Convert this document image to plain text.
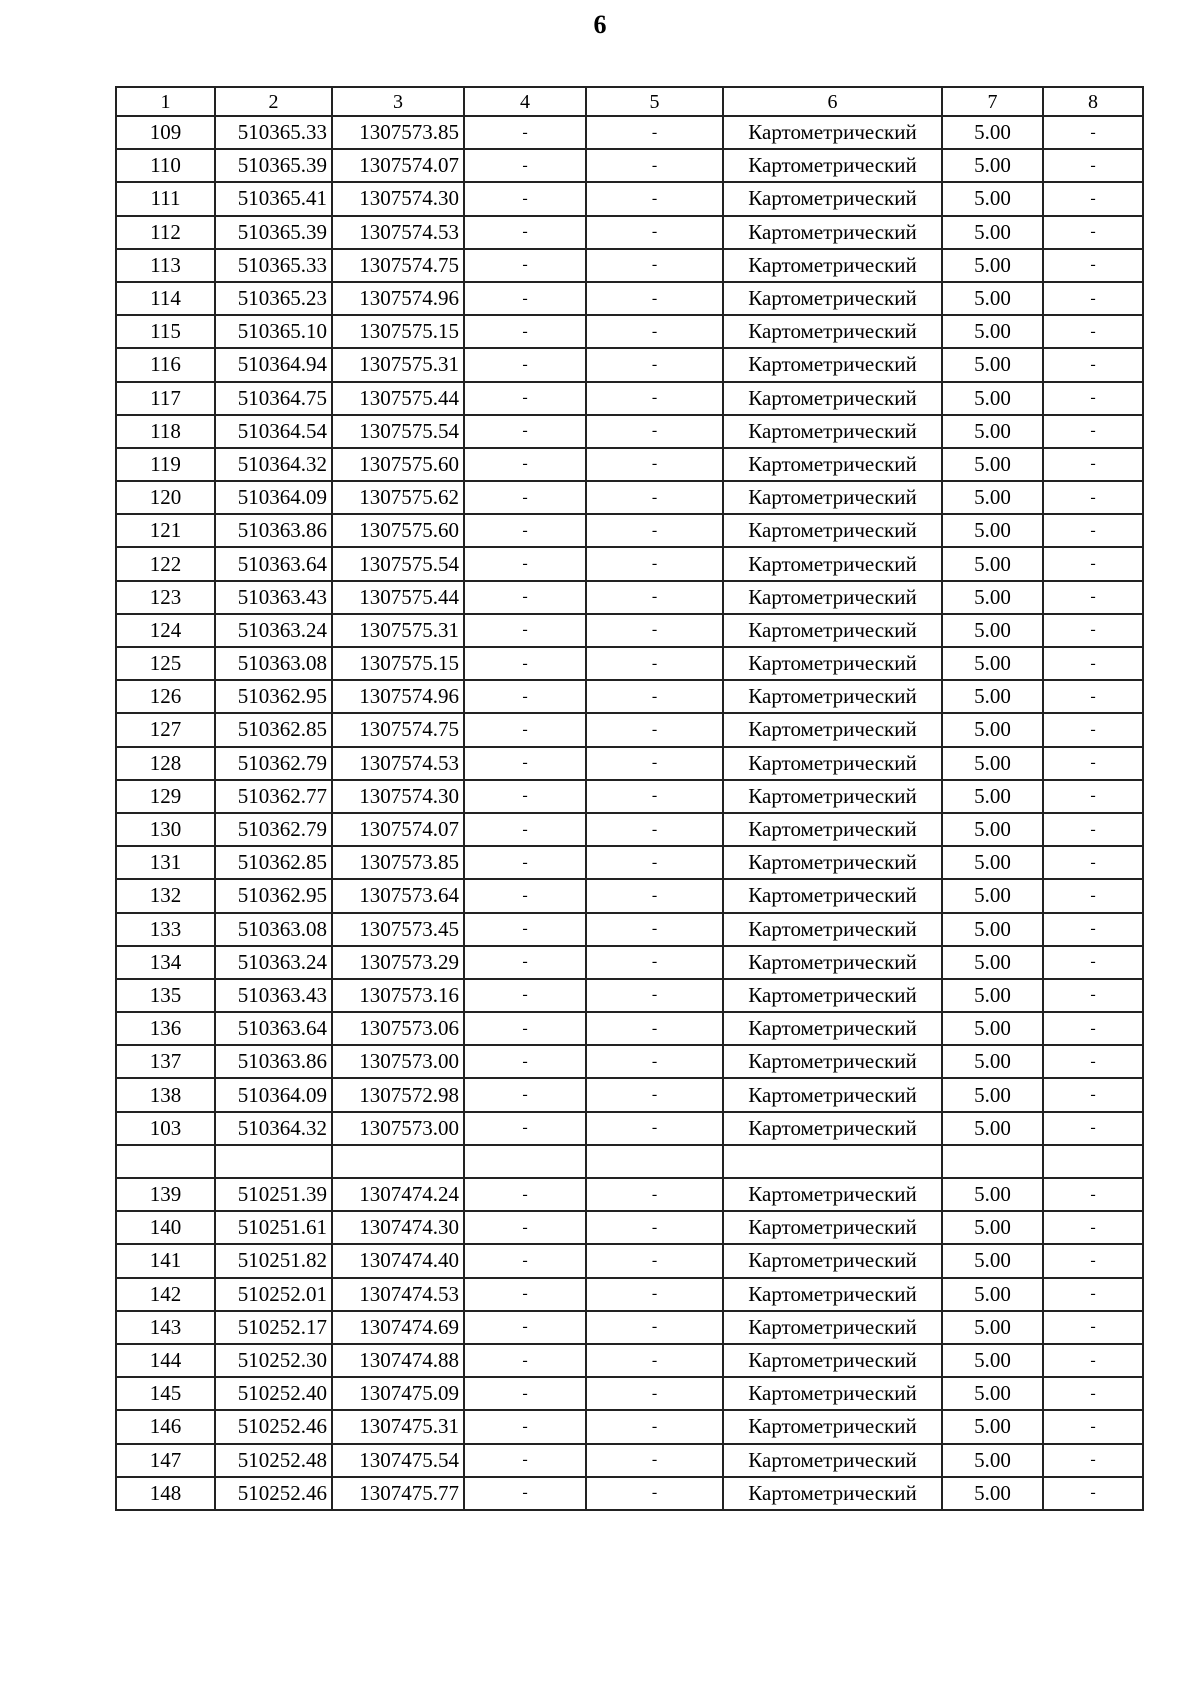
6
1	2	3	4	5	6	7	8
109	510365.33	1307573.85	-	-	Картометрический	5.00	-
110	510365.39	1307574.07	-	-	Картометрический	5.00	-
111	510365.41	1307574.30	-	-	Картометрический	5.00	-
112	510365.39	1307574.53	-	-	Картометрический	5.00	-
113	510365.33	1307574.75	-	-	Картометрический	5.00	-
114	510365.23	1307574.96	-	-	Картометрический	5.00	-
115	510365.10	1307575.15	-	-	Картометрический	5.00	-
116	510364.94	1307575.31	-	-	Картометрический	5.00	-
117	510364.75	1307575.44	-	-	Картометрический	5.00	-
118	510364.54	1307575.54	-	-	Картометрический	5.00	-
119	510364.32	1307575.60	-	-	Картометрический	5.00	-
120	510364.09	1307575.62	-	-	Картометрический	5.00	-
121	510363.86	1307575.60	-	-	Картометрический	5.00	-
122	510363.64	1307575.54	-	-	Картометрический	5.00	-
123	510363.43	1307575.44	-	-	Картометрический	5.00	-
124	510363.24	1307575.31	-	-	Картометрический	5.00	-
125	510363.08	1307575.15	-	-	Картометрический	5.00	-
126	510362.95	1307574.96	-	-	Картометрический	5.00	-
127	510362.85	1307574.75	-	-	Картометрический	5.00	-
128	510362.79	1307574.53	-	-	Картометрический	5.00	-
129	510362.77	1307574.30	-	-	Картометрический	5.00	-
130	510362.79	1307574.07	-	-	Картометрический	5.00	-
131	510362.85	1307573.85	-	-	Картометрический	5.00	-
132	510362.95	1307573.64	-	-	Картометрический	5.00	-
133	510363.08	1307573.45	-	-	Картометрический	5.00	-
134	510363.24	1307573.29	-	-	Картометрический	5.00	-
135	510363.43	1307573.16	-	-	Картометрический	5.00	-
136	510363.64	1307573.06	-	-	Картометрический	5.00	-
137	510363.86	1307573.00	-	-	Картометрический	5.00	-
138	510364.09	1307572.98	-	-	Картометрический	5.00	-
103	510364.32	1307573.00	-	-	Картометрический	5.00	-

139	510251.39	1307474.24	-	-	Картометрический	5.00	-
140	510251.61	1307474.30	-	-	Картометрический	5.00	-
141	510251.82	1307474.40	-	-	Картометрический	5.00	-
142	510252.01	1307474.53	-	-	Картометрический	5.00	-
143	510252.17	1307474.69	-	-	Картометрический	5.00	-
144	510252.30	1307474.88	-	-	Картометрический	5.00	-
145	510252.40	1307475.09	-	-	Картометрический	5.00	-
146	510252.46	1307475.31	-	-	Картометрический	5.00	-
147	510252.48	1307475.54	-	-	Картометрический	5.00	-
148	510252.46	1307475.77	-	-	Картометрический	5.00	-
